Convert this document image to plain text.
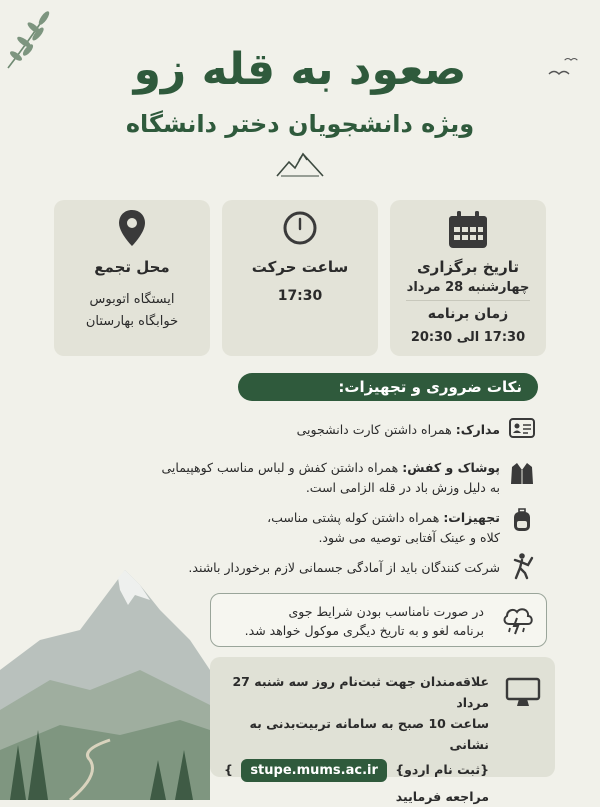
صعود به قله زو
ویژه دانشجویان دختر دانشگاه
تاریخ برگزاری
چهارشنبه 28 مرداد
زمان برنامه
17:30 الی 20:30
ساعت حرکت
17:30
محل تجمع
ایستگاه اتوبوس
خوابگاه بهارستان
نکات ضروری و تجهیزات:
مدارک: همراه داشتن کارت دانشجویی
پوشاک و کفش: همراه داشتن کفش و لباس مناسب کوهپیمایی
به دلیل وزش باد در قله الزامی است.
تجهیزات: همراه داشتن کوله پشتی مناسب،
کلاه و عینک آفتابی توصیه می شود.
شرکت کنندگان باید از آمادگی جسمانی لازم برخوردار باشند.
در صورت نامناسب بودن شرایط جوی
برنامه لغو و به تاریخ دیگری موکول خواهد شد.
علاقه‌مندان جهت ثبت‌نام روز سه شنبه 27 مرداد
ساعت 10 صبح به سامانه تربیت‌بدنی به نشانی
{ثبت نام اردو} stupe.mums.ac.ir }
مراجعه فرمایید
